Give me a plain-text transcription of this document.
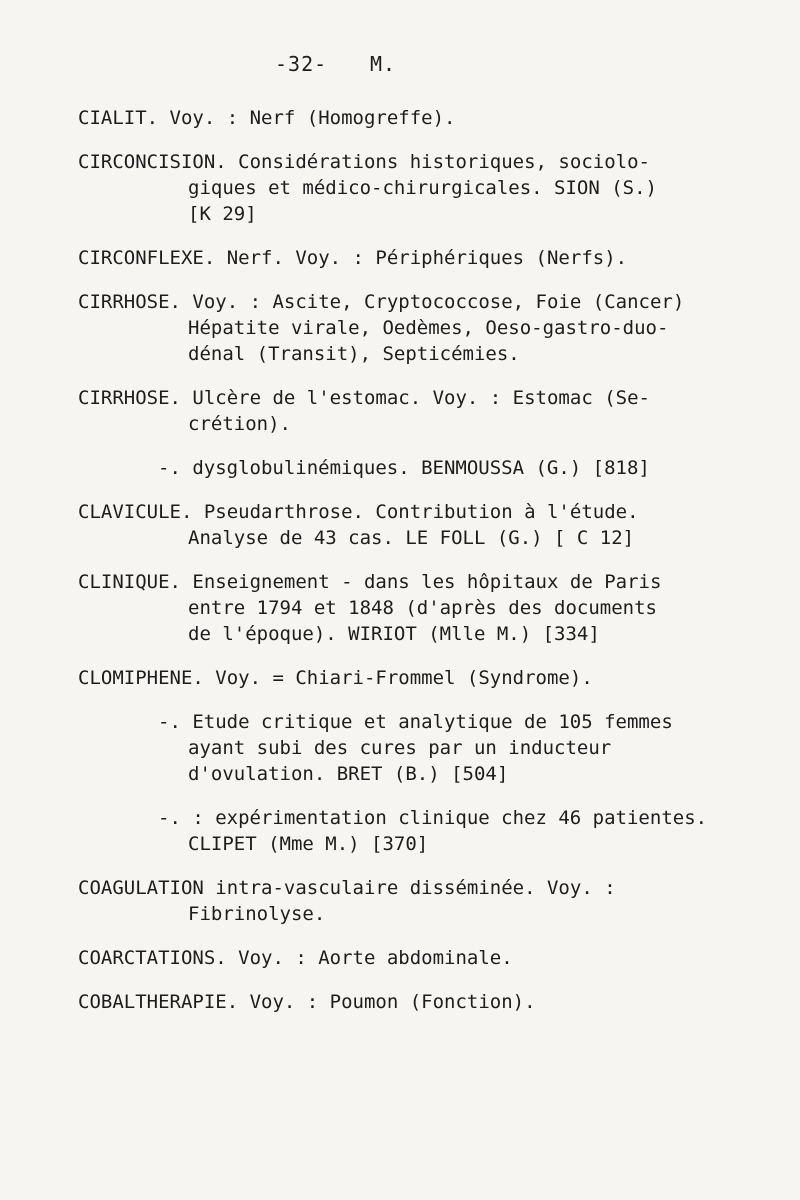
-32- M.
CIALIT. Voy. : Nerf (Homogreffe).
CIRCONCISION. Considérations historiques, sociolo-
giques et médico-chirurgicales. SION (S.)
[K 29]
CIRCONFLEXE. Nerf. Voy. : Périphériques (Nerfs).
CIRRHOSE. Voy. : Ascite, Cryptococcose, Foie (Cancer)
Hépatite virale, Oedèmes, Oeso-gastro-duo-
dénal (Transit), Septicémies.
CIRRHOSE. Ulcère de l'estomac. Voy. : Estomac (Se-
crétion).
-. dysglobulinémiques. BENMOUSSA (G.) [818]
CLAVICULE. Pseudarthrose. Contribution à l'étude.
Analyse de 43 cas. LE FOLL (G.) [ C 12]
CLINIQUE. Enseignement - dans les hôpitaux de Paris
entre 1794 et 1848 (d'après des documents
de l'époque). WIRIOT (Mlle M.) [334]
CLOMIPHENE. Voy. = Chiari-Frommel (Syndrome).
-. Etude critique et analytique de 105 femmes
ayant subi des cures par un inducteur
d'ovulation. BRET (B.) [504]
-. : expérimentation clinique chez 46 patientes.
CLIPET (Mme M.) [370]
COAGULATION intra-vasculaire disséminée. Voy. :
Fibrinolyse.
COARCTATIONS. Voy. : Aorte abdominale.
COBALTHERAPIE. Voy. : Poumon (Fonction).
